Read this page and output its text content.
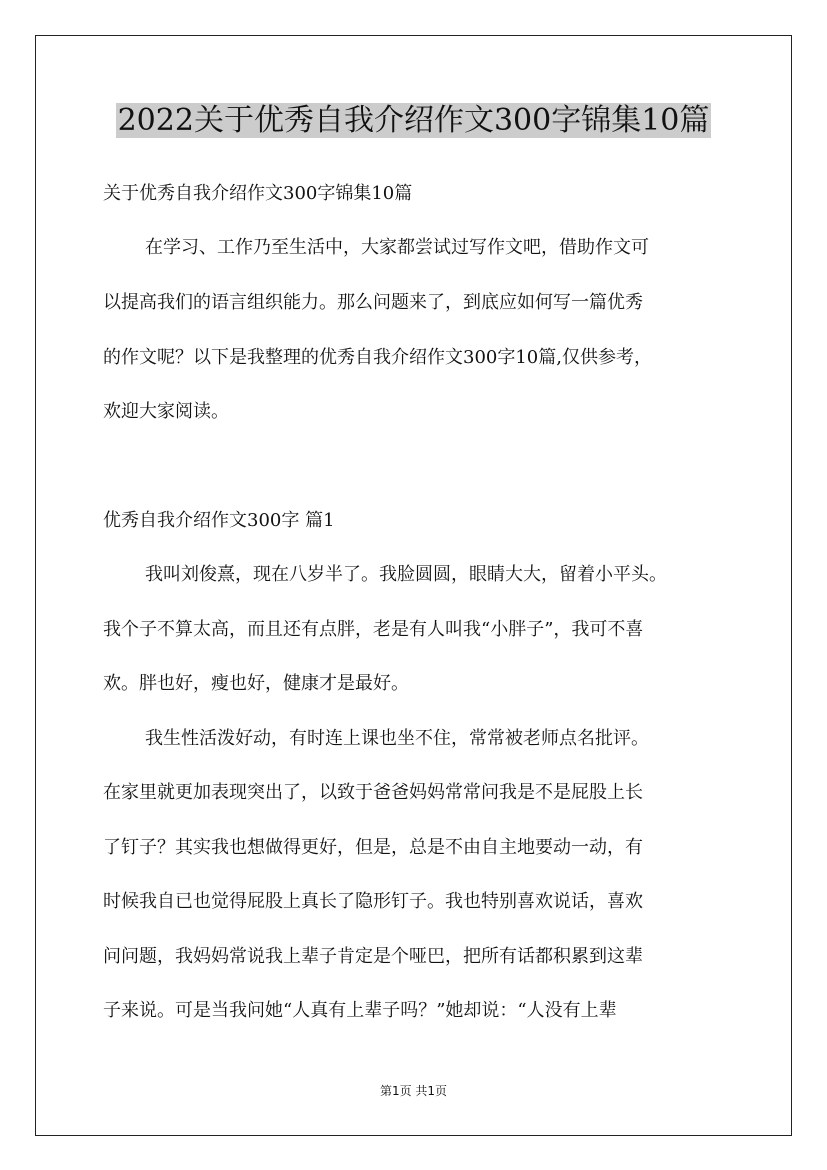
2022关于优秀自我介绍作文300字锦集10篇
关于优秀自我介绍作文300字锦集10篇
在学习、工作乃至生活中，大家都尝试过写作文吧，借助作文可
以提高我们的语言组织能力。那么问题来了，到底应如何写一篇优秀
的作文呢？以下是我整理的优秀自我介绍作文300字10篇,仅供参考，
欢迎大家阅读。
优秀自我介绍作文300字 篇1
我叫刘俊熹，现在八岁半了。我脸圆圆，眼睛大大，留着小平头。
我个子不算太高，而且还有点胖，老是有人叫我“小胖子”，我可不喜
欢。胖也好，瘦也好，健康才是最好。
我生性活泼好动，有时连上课也坐不住，常常被老师点名批评。
在家里就更加表现突出了，以致于爸爸妈妈常常问我是不是屁股上长
了钉子？其实我也想做得更好，但是，总是不由自主地要动一动，有
时候我自已也觉得屁股上真长了隐形钉子。我也特别喜欢说话，喜欢
问问题，我妈妈常说我上辈子肯定是个哑巴，把所有话都积累到这辈
子来说。可是当我问她“人真有上辈子吗？”她却说：“人没有上辈
第1页 共1页
